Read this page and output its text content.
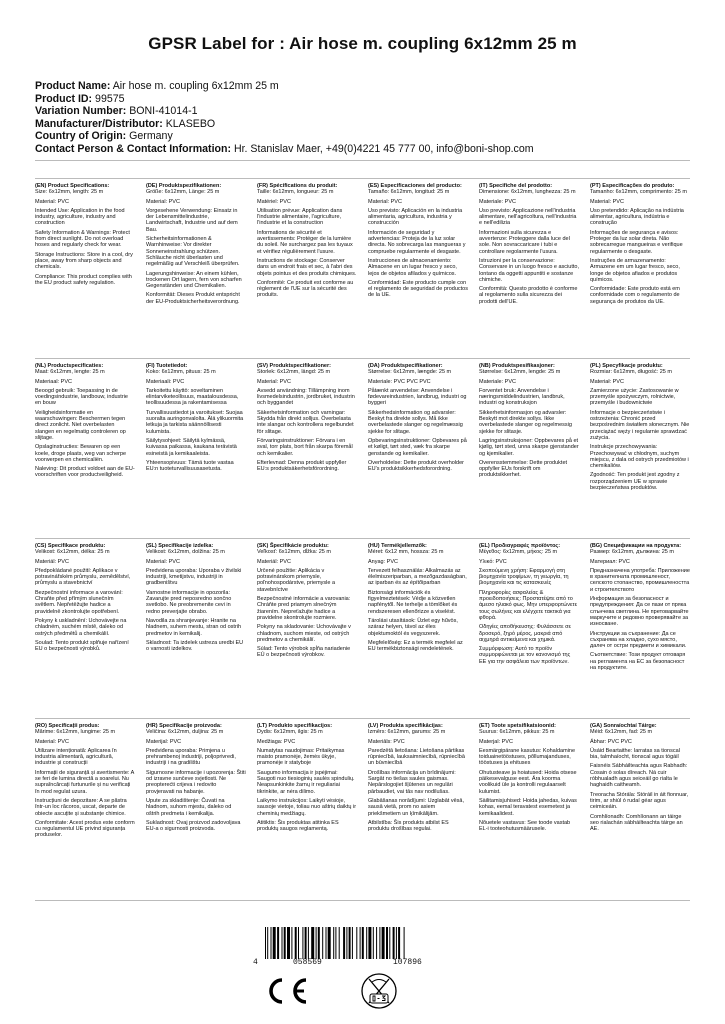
GPSR Label for : Air hose m. coupling 6x12mm 25 m
Product Name: Air hose m. coupling 6x12mm 25 m
Product ID: 99575
Variation Number: BONI-41014-1
Manufacturer/Distributor: KLASEBO
Country of Origin: Germany
Contact Person & Contact Information: Hr. Stanislav Maer, +49(0)4221 45 777 00, info@boni-shop.com

(EN) Product Specifications:

Size: 6x12mm, length: 25 m

Material: PVC

Intended Use: Application in the food industry, agriculture, industry and construction

Safety Information & Warnings: Protect from direct sunlight. Do not overload hoses and regularly check for wear.

Storage Instructions: Store in a cool, dry place, away from sharp objects and chemicals.

Compliance: This product complies with the EU product safety regulation.

(DE) Produktspezifikationen:

Größe: 6x12mm, Länge: 25 m

Material: PVC

Vorgesehene Verwendung: Einsatz in der Lebensmittelindustrie, Landwirtschaft, Industrie und auf dem Bau.

Sicherheitsinformationen & Warnhinweise: Vor direkter Sonneneinstrahlung schützen. Schläuche nicht überlasten und regelmäßig auf Verschleiß überprüfen.

Lagerungshinweise: An einem kühlen, trockenen Ort lagern, fern von scharfen Gegenständen und Chemikalien.

Konformität: Dieses Produkt entspricht der EU-Produktsicherheitsverordnung.

(FR) Spécifications du produit:

Taille: 6x12mm, longueur: 25 m

Matériel: PVC

Utilisation prévue: Application dans l'industrie alimentaire, l'agriculture, l'industrie et la construction

Informations de sécurité et avertissements: Protéger de la lumière du soleil. Ne surchargez pas les tuyaux et vérifiez régulièrement l'usure.

Instructions de stockage: Conserver dans un endroit frais et sec, à l'abri des objets pointus et des produits chimiques.

Conformité: Ce produit est conforme au règlement de l'UE sur la sécurité des produits.

(ES) Especificaciones del producto:

Tamaño: 6x12mm, longitud: 25 m

Material: PVC

Uso previsto: Aplicación en la industria alimentaria, agricultura, industria y construcción

Información de seguridad y advertencias: Proteja de la luz solar directa. No sobrecarga las mangueras y compruebe regularmente el desgaste.

Instrucciones de almacenamiento: Almacene en un lugar fresco y seco, lejos de objetos afilados y químicos.

Conformidad: Este producto cumple con el reglamento de seguridad de productos de la UE.

(IT) Specifiche del prodotto:

Dimensione: 6x12mm, lunghezza: 25 m

Materiale: PVC

Uso previsto: Applicazione nell'industria alimentare, nell'agricoltura, nell'industria e nell'edilizia

Informazioni sulla sicurezza e avvertenze: Proteggere dalla luce del sole. Non sovraccaricare i tubi e controllare regolarmente l'usura.

Istruzioni per la conservazione: Conservare in un luogo fresco e asciutto, lontano da oggetti appuntiti e sostanze chimiche.

Conformità: Questo prodotto è conforme al regolamento sulla sicurezza dei prodotti dell'UE.

(PT) Especificações do produto:

Tamanho: 6x12mm, comprimento: 25 m

Material: PVC

Uso pretendido: Aplicação na indústria alimentar, agricultura, indústria e construção

Informações de segurança e avisos: Proteger da luz solar direta. Não sobrecarregue mangueiras e verifique regularmente o desgaste.

Instruções de armazenamento: Armazene em um lugar fresco, seco, longe de objetos afiados e produtos químicos.

Conformidade: Este produto está em conformidade com o regulamento de segurança de produtos da UE.

(NL) Productspecificaties:

Maat: 6x12mm, lengte: 25 m

Materiaal: PVC

Beoogd gebruik: Toepassing in de voedingsindustrie, landbouw, industrie en bouw

Veiligheidsinformatie en waarschuwingen: Beschermen tegen direct zonlicht. Niet overbelasten slangen en regelmatig controleren op slijtage.

Opslaginstructies: Bewaren op een koele, droge plaats, weg van scherpe voorwerpen en chemicaliën.

Naleving: Dit product voldoet aan de EU-voorschriften voor productveiligheid.

(FI) Tuotetiedot:

Koko: 6x12mm, pituus: 25 m

Materiaali: PVC

Tarkoitettu käyttö: soveltaminen elintarviketeollisuus, maatalousdessa, teollisuudessa ja rakentamisessa

Turvallisuustiedot ja varoitukset: Suojaa suoralta auringonvalolta. Älä ylikuormita letkuja ja tarkista säännöllisesti kulumista.

Säilytysohjeet: Säilytä kylmässä, kuivassa paikassa, kaukana terävistä esineistä ja kemikaaleista.

Yhteensopivuus: Tämä tuote vastaa EU:n tuoteturvallisuusasetusta.

(SV) Produktspecifikationer:

Storlek: 6x12mm, längd: 25 m

Material: PVC

Avsedd användning: Tillämpning inom livsmedelsindustrin, jordbruket, industrin och byggandet

Säkerhetsinformation och varningar: Skydda från direkt solljus. Överbelasta inte slangar och kontrollera regelbundet för slitage.

Förvaringsinstruktioner: Förvara i en sval, torr plats, bort från skarpa föremål och kemikalier.

Efterlevnad: Denna produkt uppfyller EU:s produktsäkerhetsförordning.

(DA) Produktspecifikationer:

Størrelse: 6x12mm, længde: 25 m

Materiale: PVC PVC PVC

Påtænkt anvendelse: Anvendelse i fødevareindustrien, landbrug, industri og byggeri

Sikkerhedsinformation og advarsler: Beskyt fra direkte sollys. Må ikke overbelastede slanger og regelmæssig sjekke for slitage.

Opbevaringsinstruktioner: Opbevares på et køligt, tørt sted, væk fra skarpe genstande og kemikalier.

Overholdelse: Dette produkt overholder EU's produktsikkerhedsforordning.

(NB) Produktspesifikasjoner:

Størrelse: 6x12mm, lengde: 25 m

Materiale: PVC

Forventet bruk: Anvendelse i næringsmiddelindustrien, landbruk, industri og konstruksjon

Sikkerhetsinformasjon og advarsler: Beskytt mot direkte sollys. Ikke overbelastede slanger og regelmessig sjekke for slitasje.

Lagringsinstruksjoner: Oppbevares på et kjølig, tørt sted, unna skarpe gjenstander og kjemikalier.

Overensstemmelse: Dette produktet oppfyller EUs forskrift om produktsikkerhet.

(PL) Specyfikacje produktu:

Rozmiar: 6x12mm, długość: 25 m

Materiał: PVC

Zamierzone użycie: Zastosowanie w przemyśle spożywczym, rolnictwie, przemyśle i budownictwie

Informacje o bezpieczeństwie i ostrzeżenia: Chronić przed bezpośrednim światłem słonecznym. Nie przeciążać węży i regularnie sprawdzać zużycia.

Instrukcje przechowywania: Przechowywać w chłodnym, suchym miejscu, z dala od ostrych przedmiotów i chemikaliów.

Zgodność: Ten produkt jest zgodny z rozporządzeniem UE w sprawie bezpieczeństwa produktów.

(CS) Specifikace produktu:

Velikost: 6x12mm, délka: 25 m

Materiál: PVC

Předpokládané použití: Aplikace v potravinářském průmyslu, zemědělství, průmyslu a stavebnictví

Bezpečnostní informace a varování: Chraňte před přímým slunečním světlem. Nepřetěžujte hadice a pravidelně zkontrolujte opotřebení.

Pokyny k uskladnění: Uchovávejte na chladném, suchém místě, daleko od ostrých předmětů a chemikálií.

Soulad: Tento produkt splňuje nařízení EU o bezpečnosti výrobků.

(SL) Specifikacije izdelka:

Velikost: 6x12mm, dolžina: 25 m

Material: PVC

Predvidena uporaba: Uporaba v živilski industriji, kmetijstvu, industriji in gradbeništvu

Varnostne informacije in opozorila: Zavarujte pred neposredno sončno svetlobo. Ne preobremenite cevi in redno preverjajte obrabo.

Navodila za shranjevanje: Hranite na hladnem, suhem mestu, stran od ostrih predmetov in kemikalij.

Skladnost: Ta izdelek ustreza uredbi EU o varnosti izdelkov.

(SK) Špecifikácie produktu:

Veľkosť: 6x12mm, dĺžka: 25 m

Materiál: PVC

Určené použitie: Aplikácia v potravinárskom priemysle, poľnohospodárstve, priemysle a stavebníctve

Bezpečnostné informácie a varovania: Chráňte pred priamym slnečným žiarením. Nepreťažujte hadice a pravidelne skontrolujte rozmiere.

Pokyny na skladovanie: Uchovávajte v chladnom, suchom mieste, od ostrých predmetov a chemikálií.

Súlad: Tento výrobok spĺňa nariadenie EÚ o bezpečnosti výrobkov.

(HU) Termékjellemzők:

Méret: 6x12 mm, hossza: 25 m

Anyag: PVC

Tervezett felhasználás: Alkalmazás az élelmiszeriparban, a mezőgazdaságban, az iparban és az építőiparban

Biztonsági információk és figyelmeztetések: Védje a közvetlen napfénytől. Ne terhelje a tömlőket és rendszeresen ellenőrizze a viselést.

Tárolási utasítások: Üzlet egy hűvös, száraz helyen, távol az éles objektumoktól és vegyszerek.

Megfelelőség: Ez a termék megfelel az EU termékbiztonsági rendeletének.

(EL) Προδιαγραφές προϊόντος:

Μέγεθος: 6x12mm, μήκος: 25 m

Υλικό: PVC

Σκοπούμενη χρήση: Εφαρμογή στη βιομηχανία τροφίμων, τη γεωργία, τη βιομηχανία και τις κατασκευές

Πληροφορίες ασφαλείας & προειδοποιήσεις: Προστατέψτε από το άμεσο ηλιακό φως. Μην υπερφορτώνετε τους σωλήνες και ελέγχετε τακτικά για φθορά.

Οδηγίες αποθήκευσης: Φυλάσσετε σε δροσερό, ξηρό μέρος, μακριά από αιχμηρά αντικείμενα και χημικά.

Συμμόρφωση: Αυτό το προϊόν συμμορφώνεται με τον κανονισμό της ΕΕ για την ασφάλεια των προϊόντων.

(BG) Спецификации на продукта:

Размер: 6x12mm, дължина: 25 m

Материал: PVC

Предназначена употреба: Приложение в хранителната промишленост, селското стопанство, промишлеността и строителството

Информация за безопасност и предупреждения: Да се пази от пряка слънчева светлина. Не претоварвайте маркучите и редовно проверявайте за износване.

Инструкции за съхранение: Да се съхранява на хладно, сухо място, далеч от остри предмети и химикали.

Съответствие: Този продукт отговаря на регламента на ЕС за безопасност на продуктите.

(RO) Specificații produs:

Mărime: 6x12mm, lungime: 25 m

Material: PVC

Utilizare intenționată: Aplicarea în industria alimentară, agricultură, industrie și construcții

Informații de siguranță și avertismente: A se feri de lumina directă a soarelui. Nu supraîncărcați furtunurile și nu verificați în mod regulat uzura.

Instrucțiuni de depozitare: A se păstra într-un loc răcoros, uscat, departe de obiecte ascuțite și substanțe chimice.

Conformitate: Acest produs este conform cu regulamentul UE privind siguranța produselor.

(HR) Specifikacije proizvoda:

Veličina: 6x12mm, duljina: 25 m

Materijal: PVC

Predviđena uporaba: Primjena u prehrambenoj industriji, poljoprivredi, industriji i na gradilištu

Sigurnosne informacije i upozorenja: Štiti od izravne sunčeve svjetlosti. Ne preopterećti crijeva i redovito provjeravati na habanje.

Upute za skladištenje: Čuvati na hladnom, suhom mjestu, daleko od oštrih predmeta i kemikalija.

Sukladnost: Ovaj proizvod zadovoljava EU-a o sigurnosti proizvoda.

(LT) Produkto specifikacijos:

Dydis: 6x12mm, ilgis: 25 m

Medžiaga: PVC

Numatytas naudojimas: Pritaikymas maisto pramonėje, žemės ūkyje, pramonėje ir statyboje

Saugumo informacija ir įspėjimai: Saugoti nuo tiesioginių saulės spindulių. Neapsunkinkite žarnų ir reguliariai tikrinkite, ar nėra dilimo.

Laikymo instrukcijos: Laikyti vėsioje, sausoje vietoje, toliau nuo aštrių daiktų ir cheminių medžiagų.

Atitiktis: Šis produktas atitinka ES produktų saugos reglamentą.

(LV) Produkta specifikācijas:

Izmērs: 6x12mm, garums: 25 m

Materiāls: PVC

Paredzētā lietošana: Lietošana pārtikas rūpniecībā, lauksaimniecībā, rūpniecībā un būvniecībā

Drošības informācija un brīdinājumi: Sargāt no tiešas saules gaismas. Nepārslogojiet šļūtenes un regulāri pārbaudiet, vai tās nav nodilušas.

Glabāšanas norādījumi: Uzglabāt vēsā, sausā vietā, prom no asiem priekšmetiem un ķīmikālijām.

Atbilstība: Šis produkts atbilst ES produktu drošības regulai.

(ET) Toote spetsifikatsioonid:

Suurus: 6x12mm, pikkus: 25 m

Materjal: PVC

Eesmärgipärane kasutus: Kohaldamine toiduainetööstuses, põllumajanduses, tööstuses ja ehituses

Ohutusteave ja hoiatused: Hoida otsese päikesevalguse eest. Ära koorma voolikuid üle ja kontrolli regulaarselt kulumist.

Säilitamisjuhised: Hoida jahedas, kuivas kohas, eemal teravatest esemetest ja kemikaalidest.

Nõuetele vastavus: See toode vastab EL-i tooteohutusmäärusele.

(GA) Sonraíochtaí Táirge:

Méid: 6x12mm, fad: 25 m

Ábhar: PVC PVC

Úsáid Beartaithe: Iarratas sa tionscal bia, talmhaíocht, tionscal agus tógáil

Faisnéis Sábháilteachta agus Rabhadh: Cosain ó solas díreach. Ná cuir róbhualadh agus seiceáil go rialta le haghaidh caitheamh.

Treoracha Stórála: Stóráil in áit fionnuar, tirim, ar shiúl ó rudaí géar agus ceimiceáin.

Comhlíonadh: Comhlíonann an táirge seo rialachán sábháilteachta táirge an AE.

4	058569	107896
